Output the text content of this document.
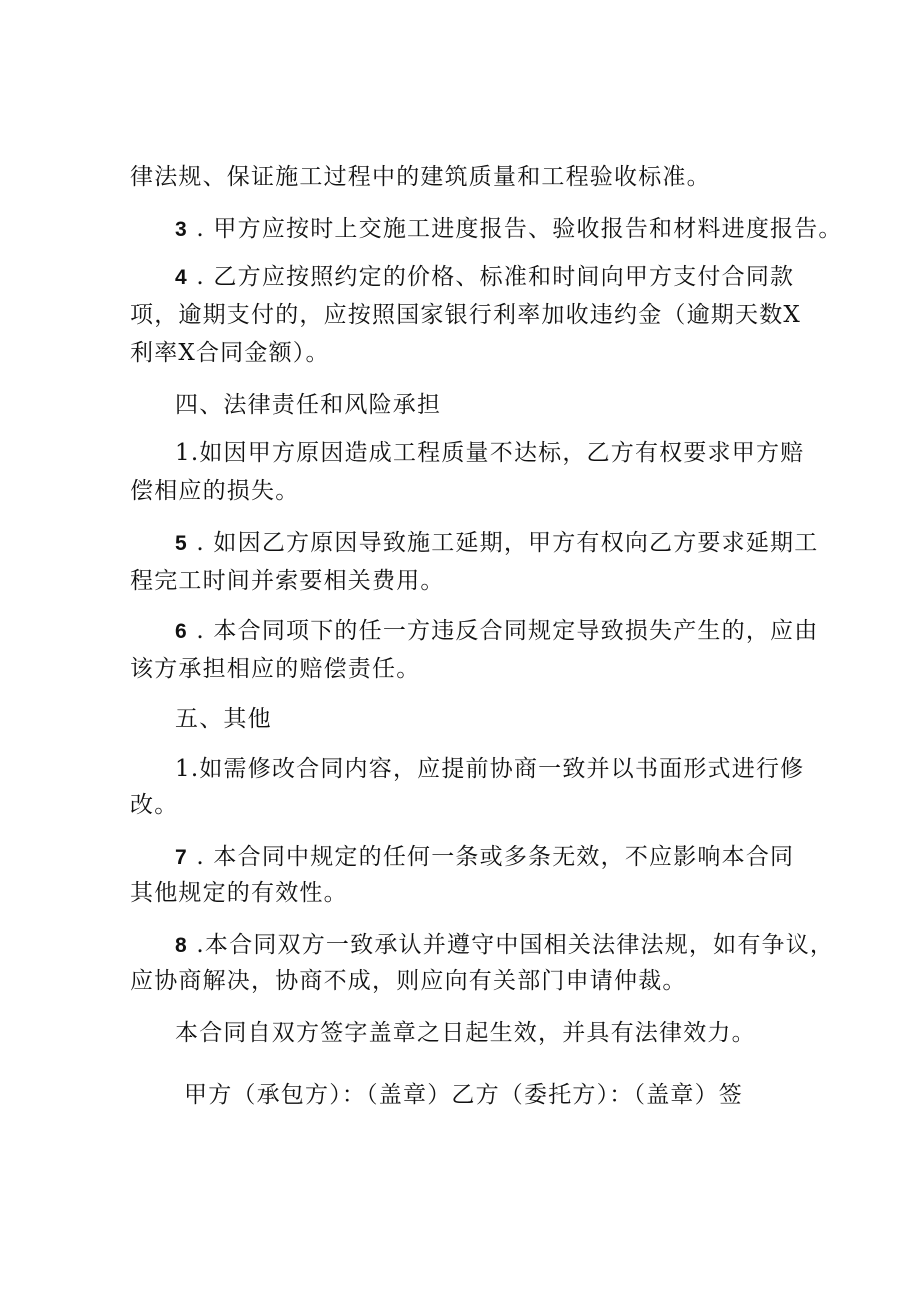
律法规、保证施工过程中的建筑质量和工程验收标准。
3 . 甲方应按时上交施工进度报告、验收报告和材料进度报告。
4 . 乙方应按照约定的价格、标准和时间向甲方支付合同款
项，逾期支付的，应按照国家银行利率加收违约金（逾期天数X
利率X合同金额）。
四、法律责任和风险承担
1.如因甲方原因造成工程质量不达标，乙方有权要求甲方赔
偿相应的损失。
5 . 如因乙方原因导致施工延期，甲方有权向乙方要求延期工
程完工时间并索要相关费用。
6 . 本合同项下的任一方违反合同规定导致损失产生的，应由
该方承担相应的赔偿责任。
五、其他
1.如需修改合同内容，应提前协商一致并以书面形式进行修
改。
7 . 本合同中规定的任何一条或多条无效，不应影响本合同
其他规定的有效性。
8 .本合同双方一致承认并遵守中国相关法律法规，如有争议，
应协商解决，协商不成，则应向有关部门申请仲裁。
本合同自双方签字盖章之日起生效，并具有法律效力。
甲方（承包方）：（盖章）乙方（委托方）：（盖章）签
